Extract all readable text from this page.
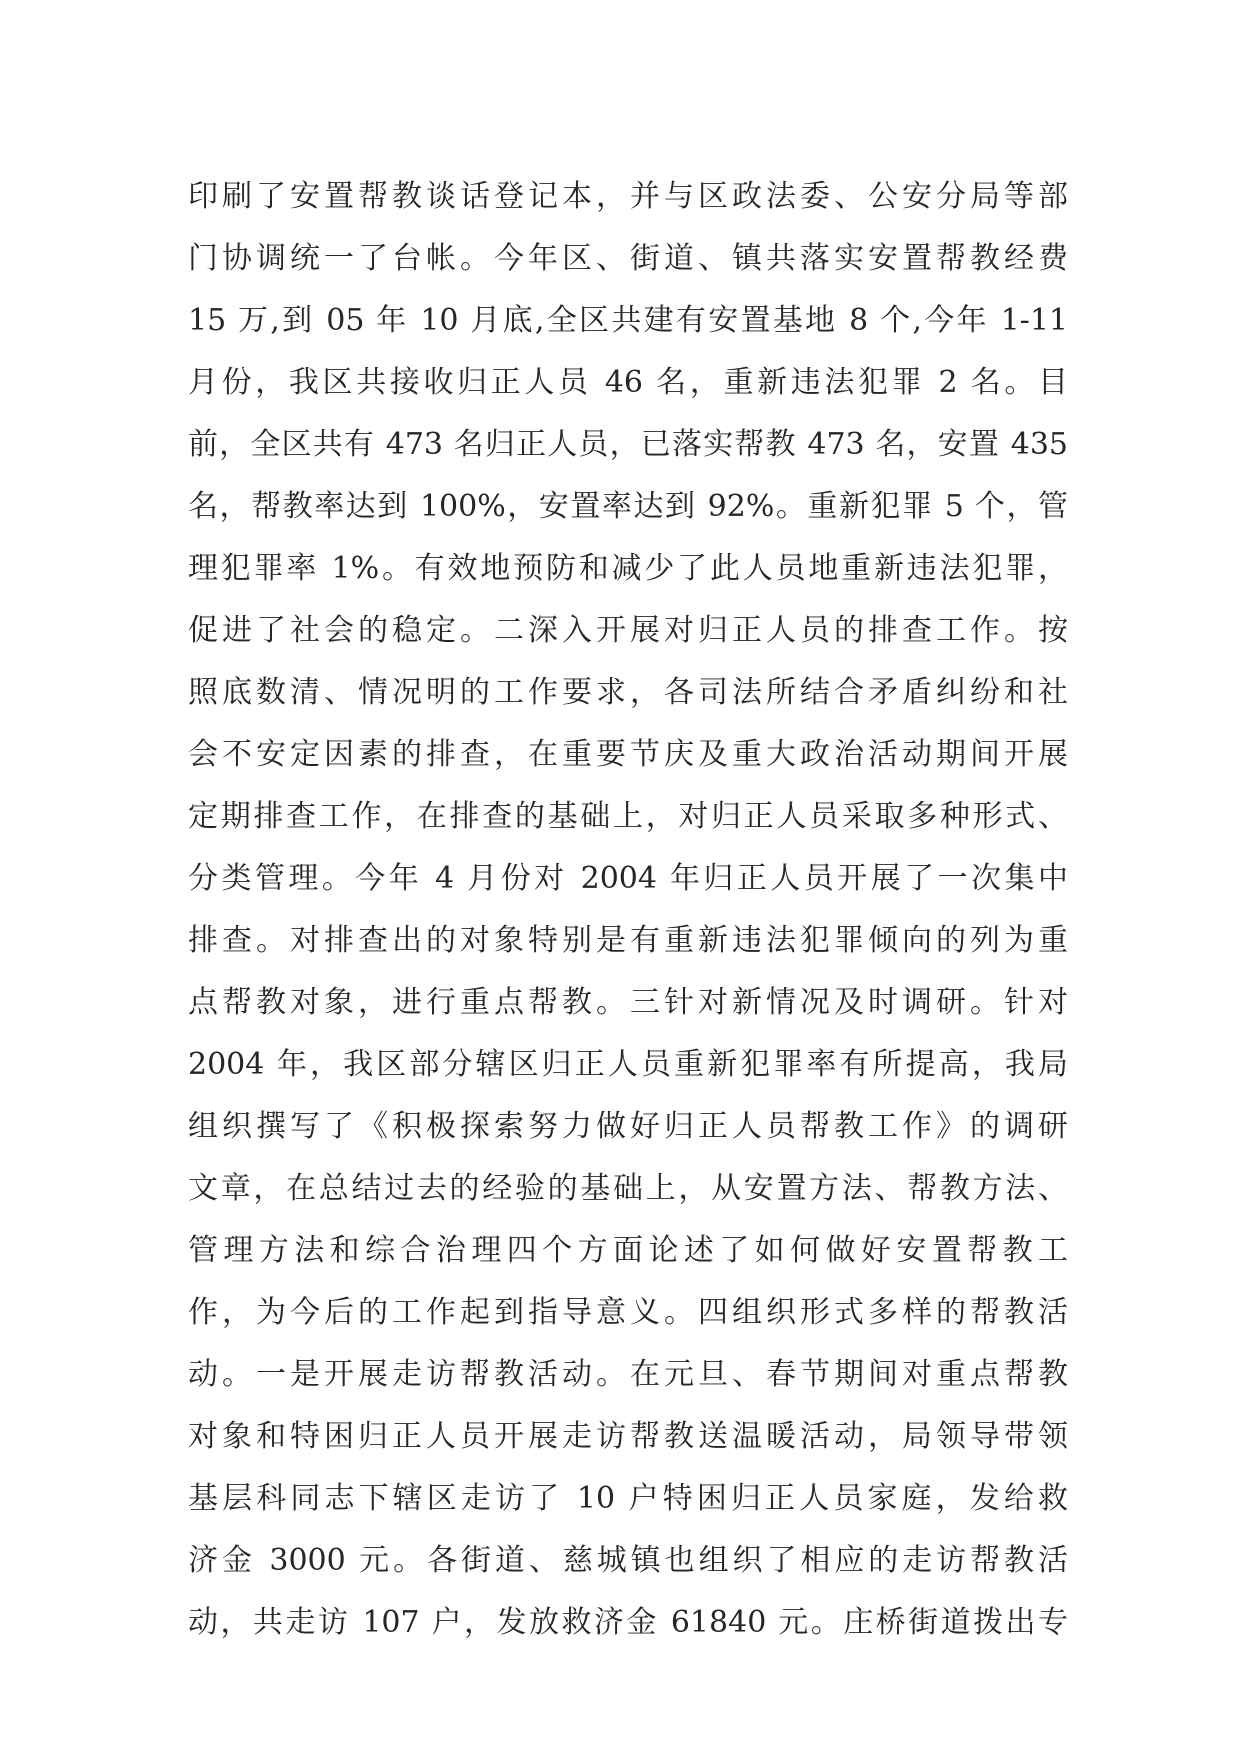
印刷了安置帮教谈话登记本，并与区政法委、公安分局等部
门协调统一了台帐。今年区、街道、镇共落实安置帮教经费
15 万,到 05 年 10 月底,全区共建有安置基地 8 个,今年 1-11
月份，我区共接收归正人员 46 名，重新违法犯罪 2 名。目
前，全区共有 473 名归正人员，已落实帮教 473 名，安置 435
名，帮教率达到 100%，安置率达到 92%。重新犯罪 5 个，管
理犯罪率 1%。有效地预防和减少了此人员地重新违法犯罪，
促进了社会的稳定。二深入开展对归正人员的排查工作。按
照底数清、情况明的工作要求，各司法所结合矛盾纠纷和社
会不安定因素的排查，在重要节庆及重大政治活动期间开展
定期排查工作，在排查的基础上，对归正人员采取多种形式、
分类管理。今年 4 月份对 2004 年归正人员开展了一次集中
排查。对排查出的对象特别是有重新违法犯罪倾向的列为重
点帮教对象，进行重点帮教。三针对新情况及时调研。针对
2004 年，我区部分辖区归正人员重新犯罪率有所提高，我局
组织撰写了《积极探索努力做好归正人员帮教工作》的调研
文章，在总结过去的经验的基础上，从安置方法、帮教方法、
管理方法和综合治理四个方面论述了如何做好安置帮教工
作，为今后的工作起到指导意义。四组织形式多样的帮教活
动。一是开展走访帮教活动。在元旦、春节期间对重点帮教
对象和特困归正人员开展走访帮教送温暖活动，局领导带领
基层科同志下辖区走访了 10 户特困归正人员家庭，发给救
济金 3000 元。各街道、慈城镇也组织了相应的走访帮教活
动，共走访 107 户，发放救济金 61840 元。庄桥街道拨出专
